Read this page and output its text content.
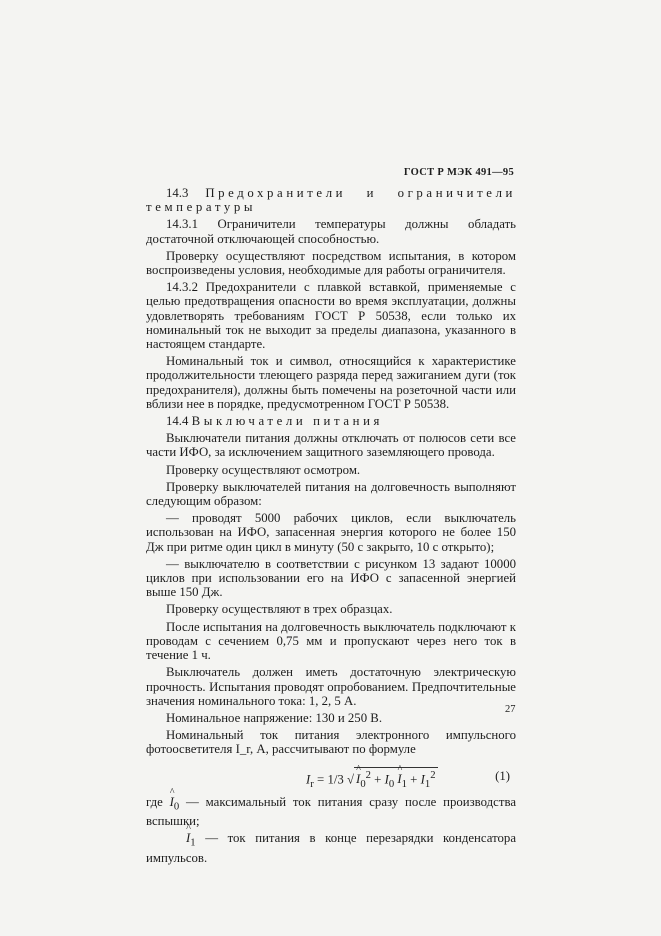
ГОСТ Р МЭК 491—95
14.3 Предохранители и ограничители температуры

14.3.1 Ограничители температуры должны обладать достаточной отключающей способностью.

Проверку осуществляют посредством испытания, в котором воспроизведены условия, необходимые для работы ограничителя.

14.3.2 Предохранители с плавкой вставкой, применяемые с целью предотвращения опасности во время эксплуатации, должны удовлетворять требованиям ГОСТ Р 50538, если только их номинальный ток не выходит за пределы диапазона, указанного в настоящем стандарте.

Номинальный ток и символ, относящийся к характеристике продолжительности тлеющего разряда перед зажиганием дуги (ток предохранителя), должны быть помечены на розеточной части или вблизи нее в порядке, предусмотренном ГОСТ Р 50538.

14.4 Выключатели питания

Выключатели питания должны отключать от полюсов сети все части ИФО, за исключением защитного заземляющего провода.

Проверку осуществляют осмотром.

Проверку выключателей питания на долговечность выполняют следующим образом:

— проводят 5000 рабочих циклов, если выключатель использован на ИФО, запасенная энергия которого не более 150 Дж при ритме один цикл в минуту (50 с закрыто, 10 с открыто);

— выключателю в соответствии с рисунком 13 задают 10000 циклов при использовании его на ИФО с запасенной энергией выше 150 Дж.

Проверку осуществляют в трех образцах.

После испытания на долговечность выключатель подключают к проводам с сечением 0,75 мм и пропускают через него ток в течение 1 ч.

Выключатель должен иметь достаточную электрическую прочность. Испытания проводят опробованием. Предпочтительные значения номинального тока: 1, 2, 5 А.

Номинальное напряжение: 130 и 250 В.

Номинальный ток питания электронного импульсного фотоосветителя I_r, А, рассчитывают по формуле

$I_r = 1/3$ √ ^ $I_0^2 + I_0$ ^ $I_1 + I_1^2$	(1)

где ^ $I_0$ — максимальный ток питания сразу после производства вспышки;

^ $I_1$ — ток питания в конце перезарядки конденсатора импульсов.

27
